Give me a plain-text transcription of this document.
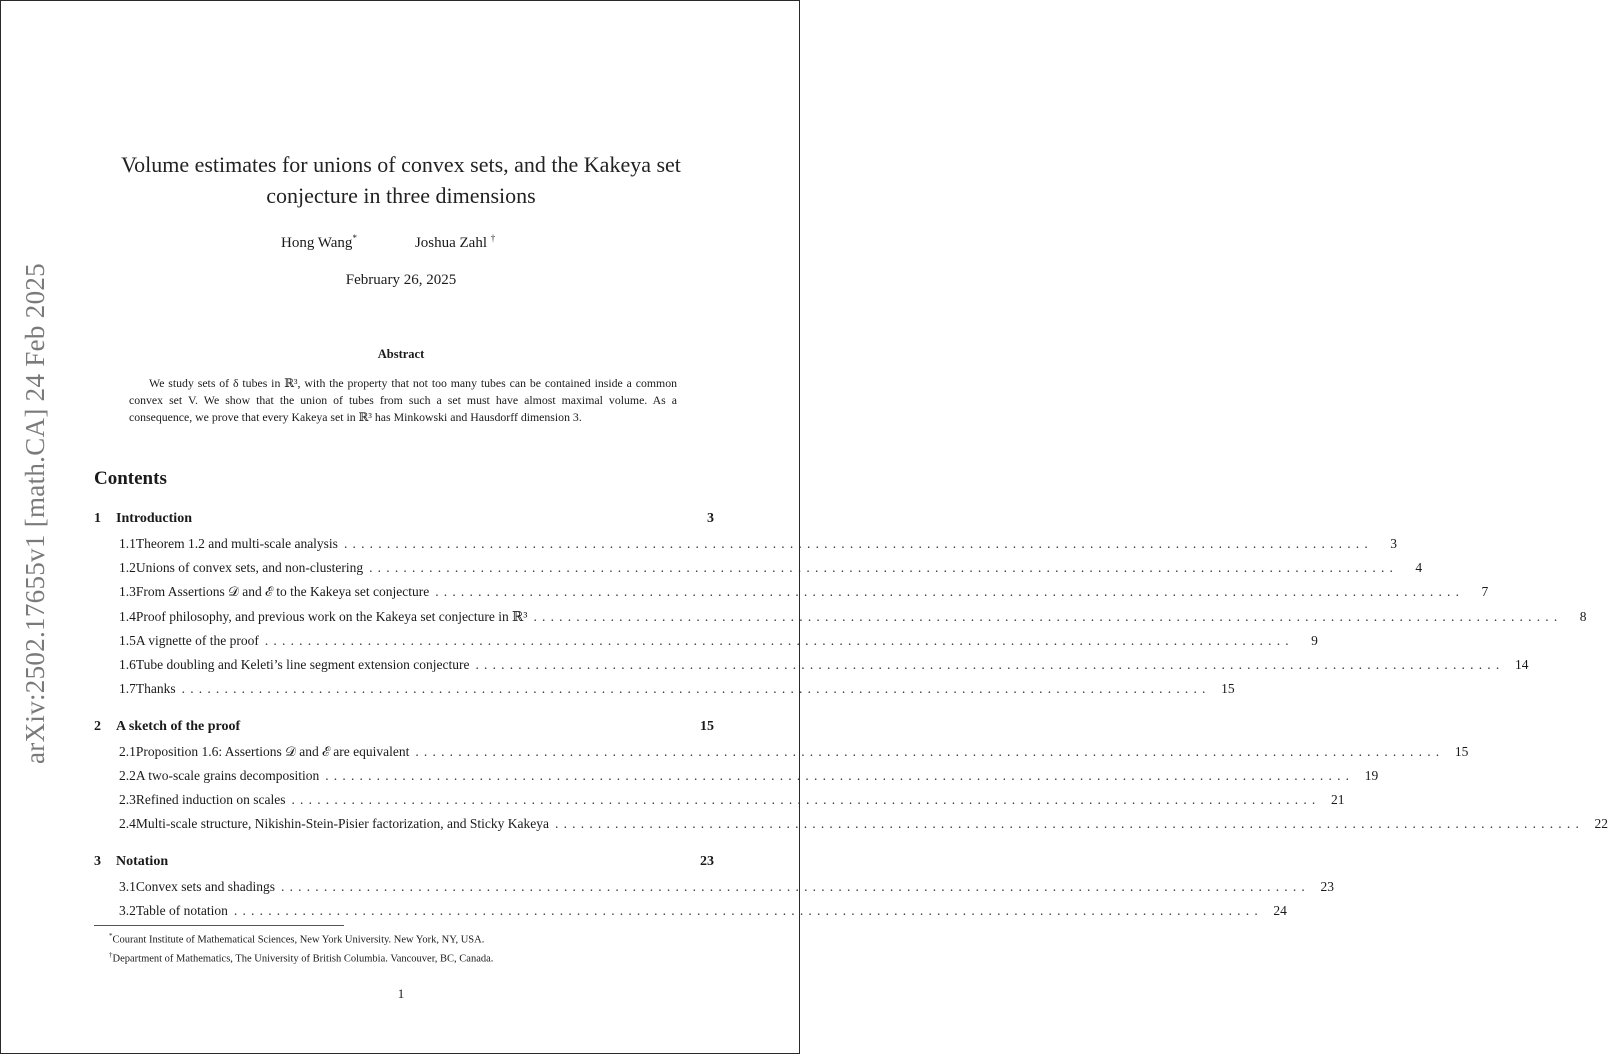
arXiv:2502.17655v1 [math.CA] 24 Feb 2025
Volume estimates for unions of convex sets, and the Kakeya set conjecture in three dimensions
Hong Wang*	Joshua Zahl †
February 26, 2025
Abstract
We study sets of δ tubes in ℝ³, with the property that not too many tubes can be contained inside a common convex set V. We show that the union of tubes from such a set must have almost maximal volume. As a consequence, we prove that every Kakeya set in ℝ³ has Minkowski and Hausdorff dimension 3.
Contents
1	Introduction	3
1.1 Theorem 1.2 and multi-scale analysis ........................................................................................................................	3
1.2 Unions of convex sets, and non-clustering ........................................................................................................................	4
1.3 From Assertions 𝒟 and ℰ to the Kakeya set conjecture ........................................................................................................................	7
1.4 Proof philosophy, and previous work on the Kakeya set conjecture in ℝ³ ........................................................................................................................	8
1.5 A vignette of the proof ........................................................................................................................	9
1.6 Tube doubling and Keleti’s line segment extension conjecture ........................................................................................................................ 14
1.7 Thanks ........................................................................................................................ 15
2	A sketch of the proof	15
2.1 Proposition 1.6: Assertions 𝒟 and ℰ are equivalent ........................................................................................................................ 15
2.2 A two-scale grains decomposition ........................................................................................................................ 19
2.3 Refined induction on scales ........................................................................................................................ 21
2.4 Multi-scale structure, Nikishin-Stein-Pisier factorization, and Sticky Kakeya ........................................................................................................................ 22
3	Notation	23
3.1 Convex sets and shadings ........................................................................................................................ 23
3.2 Table of notation ........................................................................................................................ 24
*Courant Institute of Mathematical Sciences, New York University. New York, NY, USA.
†Department of Mathematics, The University of British Columbia. Vancouver, BC, Canada.
1
